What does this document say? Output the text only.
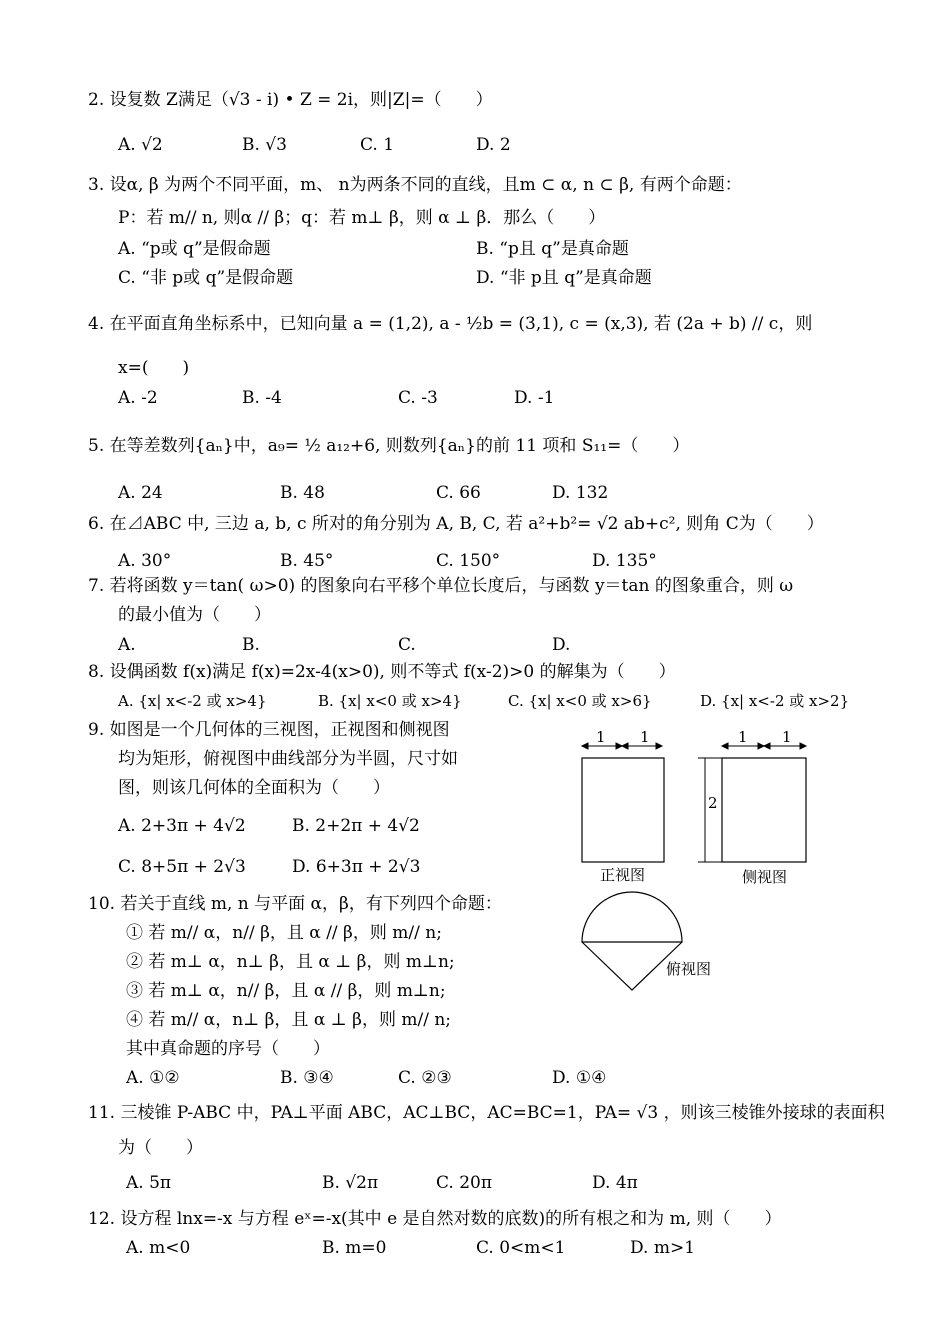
2. 设复数 Z满足（√3 - i) • Z = 2i，则|Z|=（　　）
A. √2	B. √3	C. 1	D. 2
3. 设α, β 为两个不同平面，m、 n为两条不同的直线，且m ⊂ α, n ⊂ β, 有两个命题：
P：若 m// n, 则α // β；q：若 m⊥ β，则 α ⊥ β．那么（　　）
A. “p或 q”是假命题	B. “p且 q”是真命题
C. “非 p或 q”是假命题	D. “非 p且 q”是真命题
4. 在平面直角坐标系中，已知向量 a = (1,2), a - ½b = (3,1), c = (x,3), 若 (2a + b) // c，则
x=(　　)
A. -2	B. -4	C. -3	D. -1
5. 在等差数列{aₙ}中，a₉= ½ a₁₂+6, 则数列{aₙ}的前 11 项和 S₁₁=（　　）
A. 24	B. 48	C. 66	D. 132
6. 在⊿ABC 中, 三边 a, b, c 所对的角分别为 A, B, C, 若 a²+b²= √2 ab+c², 则角 C为（　　）
A. 30°	B. 45°	C. 150°	D. 135°
7. 若将函数 y＝tan( ω>0) 的图象向右平移个单位长度后，与函数 y＝tan 的图象重合，则 ω
的最小值为（　　）
A.	B.	C.	D.
8. 设偶函数 f(x)满足 f(x)=2x-4(x>0), 则不等式 f(x-2)>0 的解集为（　　）
A. {x| x<-2 或 x>4}	B. {x| x<0 或 x>4}	C. {x| x<0 或 x>6}	D. {x| x<-2 或 x>2}
9. 如图是一个几何体的三视图，正视图和侧视图
均为矩形，俯视图中曲线部分为半圆，尺寸如
图，则该几何体的全面积为（　　）
A. 2+3π + 4√2	B. 2+2π + 4√2
C. 8+5π + 2√3	D. 6+3π + 2√3
1 1
正视图
1 1
2
侧视图
俯视图
10. 若关于直线 m, n 与平面 α，β，有下列四个命题：
① 若 m// α，n// β，且 α // β，则 m// n;
② 若 m⊥ α，n⊥ β，且 α ⊥ β，则 m⊥n;
③ 若 m⊥ α，n// β，且 α // β，则 m⊥n;
④ 若 m// α，n⊥ β，且 α ⊥ β，则 m// n;
其中真命题的序号（　　）
A. ①②	B. ③④	C. ②③	D. ①④
11. 三棱锥 P-ABC 中，PA⊥平面 ABC，AC⊥BC，AC=BC=1，PA= √3 ，则该三棱锥外接球的表面积
为（　　）
A. 5π	B. √2π	C. 20π	D. 4π
12. 设方程 lnx=-x 与方程 eˣ=-x(其中 e 是自然对数的底数)的所有根之和为 m, 则（　　）
A. m<0	B. m=0	C. 0<m<1	D. m>1
